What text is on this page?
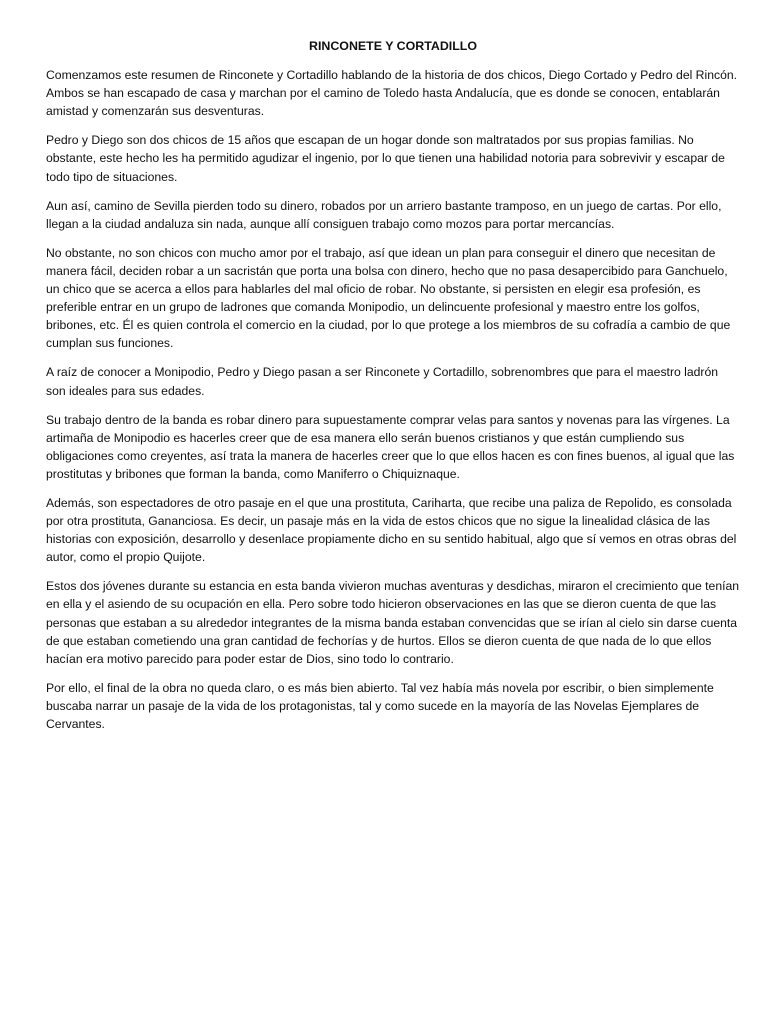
RINCONETE Y CORTADILLO

Comenzamos este resumen de Rinconete y Cortadillo hablando de la historia de dos chicos, Diego Cortado y Pedro del Rincón. Ambos se han escapado de casa y marchan por el camino de Toledo hasta Andalucía, que es donde se conocen, entablarán amistad y comenzarán sus desventuras.

Pedro y Diego son dos chicos de 15 años que escapan de un hogar donde son maltratados por sus propias familias. No obstante, este hecho les ha permitido agudizar el ingenio, por lo que tienen una habilidad notoria para sobrevivir y escapar de todo tipo de situaciones.

Aun así, camino de Sevilla pierden todo su dinero, robados por un arriero bastante tramposo, en un juego de cartas. Por ello, llegan a la ciudad andaluza sin nada, aunque allí consiguen trabajo como mozos para portar mercancías.

No obstante, no son chicos con mucho amor por el trabajo, así que idean un plan para conseguir el dinero que necesitan de manera fácil, deciden robar a un sacristán que porta una bolsa con dinero, hecho que no pasa desapercibido para Ganchuelo, un chico que se acerca a ellos para hablarles del mal oficio de robar. No obstante, si persisten en elegir esa profesión, es preferible entrar en un grupo de ladrones que comanda Monipodio, un delincuente profesional y maestro entre los golfos, bribones, etc. Él es quien controla el comercio en la ciudad, por lo que protege a los miembros de su cofradía a cambio de que cumplan sus funciones.

A raíz de conocer a Monipodio, Pedro y Diego pasan a ser Rinconete y Cortadillo, sobrenombres que para el maestro ladrón son ideales para sus edades.

Su trabajo dentro de la banda es robar dinero para supuestamente comprar velas para santos y novenas para las vírgenes. La artimaña de Monipodio es hacerles creer que de esa manera ello serán buenos cristianos y que están cumpliendo sus obligaciones como creyentes, así trata la manera de hacerles creer que lo que ellos hacen es con fines buenos, al igual que las prostitutas y bribones que forman la banda, como Maniferro o Chiquiznaque.

Además, son espectadores de otro pasaje en el que una prostituta, Cariharta, que recibe una paliza de Repolido, es consolada por otra prostituta, Gananciosa. Es decir, un pasaje más en la vida de estos chicos que no sigue la linealidad clásica de las historias con exposición, desarrollo y desenlace propiamente dicho en su sentido habitual, algo que sí vemos en otras obras del autor, como el propio Quijote.

Estos dos jóvenes durante su estancia en esta banda vivieron muchas aventuras y desdichas, miraron el crecimiento que tenían en ella y el asiendo de su ocupación en ella. Pero sobre todo hicieron observaciones en las que se dieron cuenta de que las personas que estaban a su alrededor integrantes de la misma banda estaban convencidas que se irían al cielo sin darse cuenta de que estaban cometiendo una gran cantidad de fechorías y de hurtos. Ellos se dieron cuenta de que nada de lo que ellos hacían era motivo parecido para poder estar de Dios, sino todo lo contrario.

Por ello, el final de la obra no queda claro, o es más bien abierto. Tal vez había más novela por escribir, o bien simplemente buscaba narrar un pasaje de la vida de los protagonistas, tal y como sucede en la mayoría de las Novelas Ejemplares de Cervantes.
